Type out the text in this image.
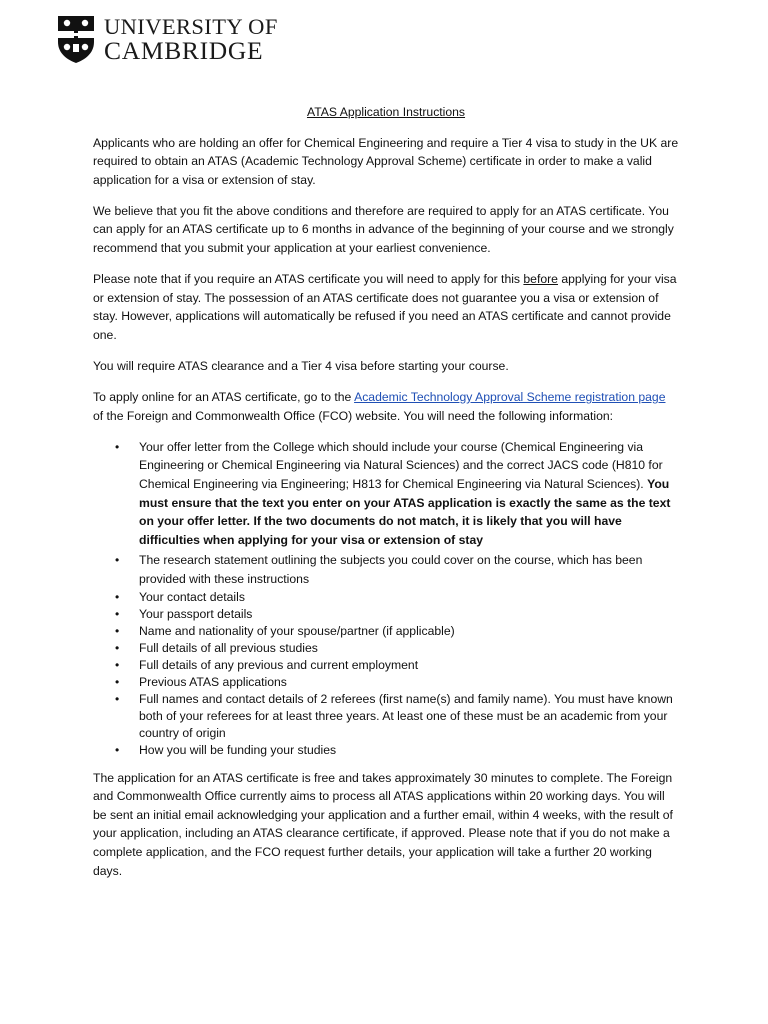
UNIVERSITY OF
CAMBRIDGE

ATAS Application Instructions

Applicants who are holding an offer for Chemical Engineering and require a Tier 4 visa to study in the UK are required to obtain an ATAS (Academic Technology Approval Scheme) certificate in order to make a valid application for a visa or extension of stay.

We believe that you fit the above conditions and therefore are required to apply for an ATAS certificate. You can apply for an ATAS certificate up to 6 months in advance of the beginning of your course and we strongly recommend that you submit your application at your earliest convenience.

Please note that if you require an ATAS certificate you will need to apply for this before applying for your visa or extension of stay. The possession of an ATAS certificate does not guarantee you a visa or extension of stay. However, applications will automatically be refused if you need an ATAS certificate and cannot provide one.

You will require ATAS clearance and a Tier 4 visa before starting your course.

To apply online for an ATAS certificate, go to the Academic Technology Approval Scheme registration page of the Foreign and Commonwealth Office (FCO) website. You will need the following information:

• Your offer letter from the College which should include your course (Chemical Engineering via Engineering or Chemical Engineering via Natural Sciences) and the correct JACS code (H810 for Chemical Engineering via Engineering; H813 for Chemical Engineering via Natural Sciences). You must ensure that the text you enter on your ATAS application is exactly the same as the text on your offer letter. If the two documents do not match, it is likely that you will have difficulties when applying for your visa or extension of stay
• The research statement outlining the subjects you could cover on the course, which has been provided with these instructions
• Your contact details
• Your passport details
• Name and nationality of your spouse/partner (if applicable)
• Full details of all previous studies
• Full details of any previous and current employment
• Previous ATAS applications
• Full names and contact details of 2 referees (first name(s) and family name). You must have known both of your referees for at least three years. At least one of these must be an academic from your country of origin
• How you will be funding your studies

The application for an ATAS certificate is free and takes approximately 30 minutes to complete. The Foreign and Commonwealth Office currently aims to process all ATAS applications within 20 working days. You will be sent an initial email acknowledging your application and a further email, within 4 weeks, with the result of your application, including an ATAS clearance certificate, if approved. Please note that if you do not make a complete application, and the FCO request further details, your application will take a further 20 working days.
